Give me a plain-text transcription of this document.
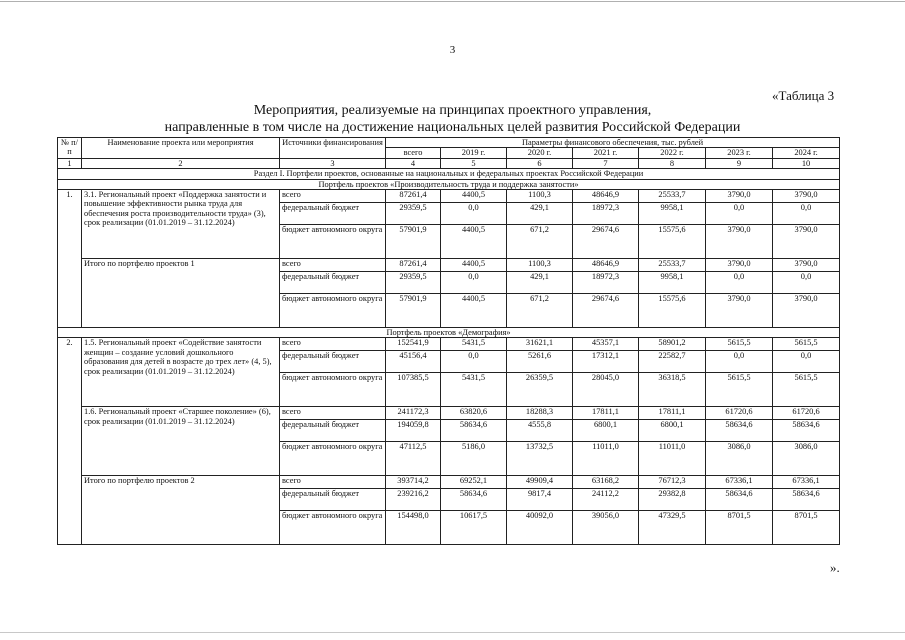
3
«Таблица 3
Мероприятия, реализуемые на принципах проектного управления,
направленные в том числе на достижение национальных целей развития Российской Федерации
№ п/п	Наименование проекта или мероприятия	Источники финансирования	Параметры финансового обеспечения, тыс. рублей						
			всего	2019 г.	2020 г.	2021 г.	2022 г.	2023 г.	2024 г.
1	2	3	4	5	6	7	8	9	10
Раздел I. Портфели проектов, основанные на национальных и федеральных проектах Российской Федерации									
Портфель проектов «Производительность труда и поддержка занятости»									
1.	3.1. Региональный проект «Поддержка занятости и повышение эффективности рынка труда для обеспечения роста производительности труда» (3), срок реализации (01.01.2019 – 31.12.2024)	всего	87261,4	4400,5	1100,3	48646,9	25533,7	3790,0	3790,0
		федеральный бюджет	29359,5	0,0	429,1	18972,3	9958,1	0,0	0,0
		бюджет автономного округа	57901,9	4400,5	671,2	29674,6	15575,6	3790,0	3790,0
	Итого по портфелю проектов 1	всего	87261,4	4400,5	1100,3	48646,9	25533,7	3790,0	3790,0
		федеральный бюджет	29359,5	0,0	429,1	18972,3	9958,1	0,0	0,0
		бюджет автономного округа	57901,9	4400,5	671,2	29674,6	15575,6	3790,0	3790,0
Портфель проектов «Демография»									
2.	1.5. Региональный проект «Содействие занятости женщин – создание условий дошкольного образования для детей в возрасте до трех лет» (4, 5), срок реализации (01.01.2019 – 31.12.2024)	всего	152541,9	5431,5	31621,1	45357,1	58901,2	5615,5	5615,5
		федеральный бюджет	45156,4	0,0	5261,6	17312,1	22582,7	0,0	0,0
		бюджет автономного округа	107385,5	5431,5	26359,5	28045,0	36318,5	5615,5	5615,5
	1.6. Региональный проект «Старшее поколение» (6), срок реализации (01.01.2019 – 31.12.2024)	всего	241172,3	63820,6	18288,3	17811,1	17811,1	61720,6	61720,6
		федеральный бюджет	194059,8	58634,6	4555,8	6800,1	6800,1	58634,6	58634,6
		бюджет автономного округа	47112,5	5186,0	13732,5	11011,0	11011,0	3086,0	3086,0
	Итого по портфелю проектов 2	всего	393714,2	69252,1	49909,4	63168,2	76712,3	67336,1	67336,1
		федеральный бюджет	239216,2	58634,6	9817,4	24112,2	29382,8	58634,6	58634,6
		бюджет автономного округа	154498,0	10617,5	40092,0	39056,0	47329,5	8701,5	8701,5
».
